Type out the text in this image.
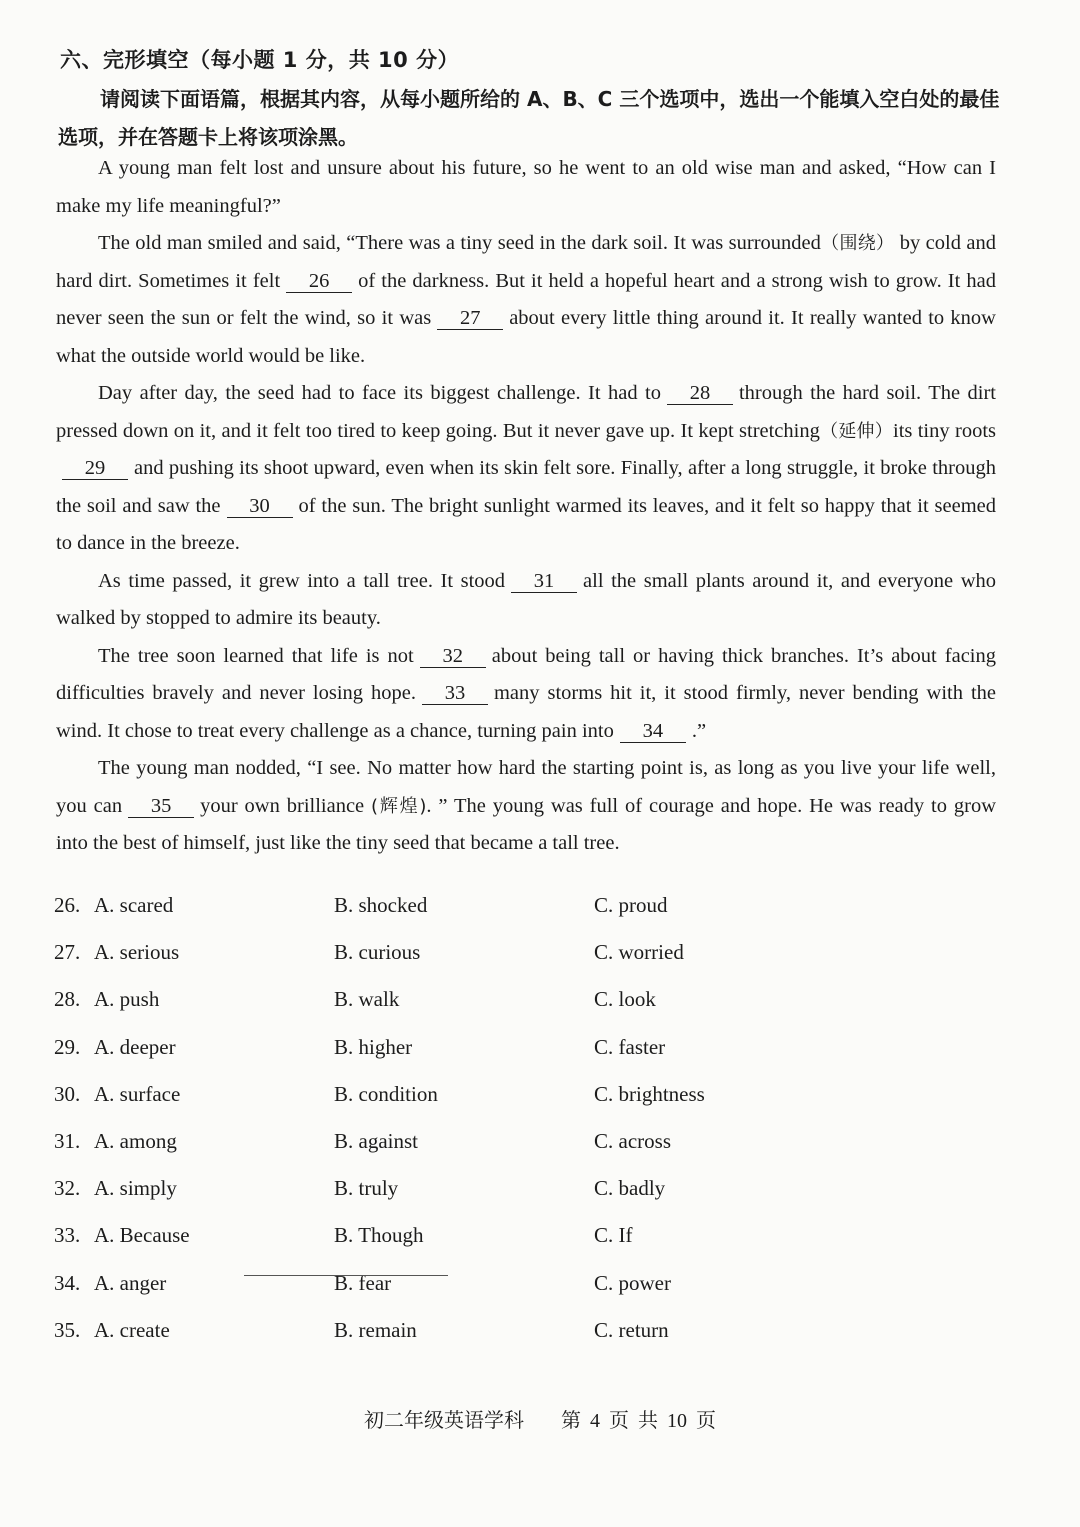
六、完形填空（每小题 1 分，共 10 分）

请阅读下面语篇，根据其内容，从每小题所给的 A、B、C 三个选项中，选出一个能填入空白处的最佳选项，并在答题卡上将该项涂黑。

A young man felt lost and unsure about his future, so he went to an old wise man and asked, “How can I make my life meaningful?”

The old man smiled and said, “There was a tiny seed in the dark soil. It was surrounded（围绕） by cold and hard dirt. Sometimes it felt 26 of the darkness. But it held a hopeful heart and a strong wish to grow. It had never seen the sun or felt the wind, so it was 27 about every little thing around it. It really wanted to know what the outside world would be like.

Day after day, the seed had to face its biggest challenge. It had to 28 through the hard soil. The dirt pressed down on it, and it felt too tired to keep going. But it never gave up. It kept stretching（延伸）its tiny roots29 and pushing its shoot upward, even when its skin felt sore. Finally, after a long struggle, it broke through the soil and saw the 30 of the sun. The bright sunlight warmed its leaves, and it felt so happy that it seemed to dance in the breeze.

As time passed, it grew into a tall tree. It stood 31 all the small plants around it, and everyone who walked by stopped to admire its beauty.

The tree soon learned that life is not 32 about being tall or having thick branches. It’s about facing difficulties bravely and never losing hope. 33 many storms hit it, it stood firmly, never bending with the wind. It chose to treat every challenge as a chance, turning pain into 34 .”

The young man nodded, “I see. No matter how hard the starting point is, as long as you live your life well, you can 35 your own brilliance (辉煌). ” The young was full of courage and hope. He was ready to grow into the best of himself, just like the tiny seed that became a tall tree.

26. A. scared	B. shocked	C. proud
27. A. serious	B. curious	C. worried
28. A. push	B. walk	C. look
29. A. deeper	B. higher	C. faster
30. A. surface	B. condition	C. brightness
31. A. among	B. against	C. across
32. A. simply	B. truly	C. badly
33. A. Because	B. Though	C. If
34. A. anger	B. fear	C. power
35. A. create	B. remain	C. return
初二年级英语学科 第 4 页 共 10 页
